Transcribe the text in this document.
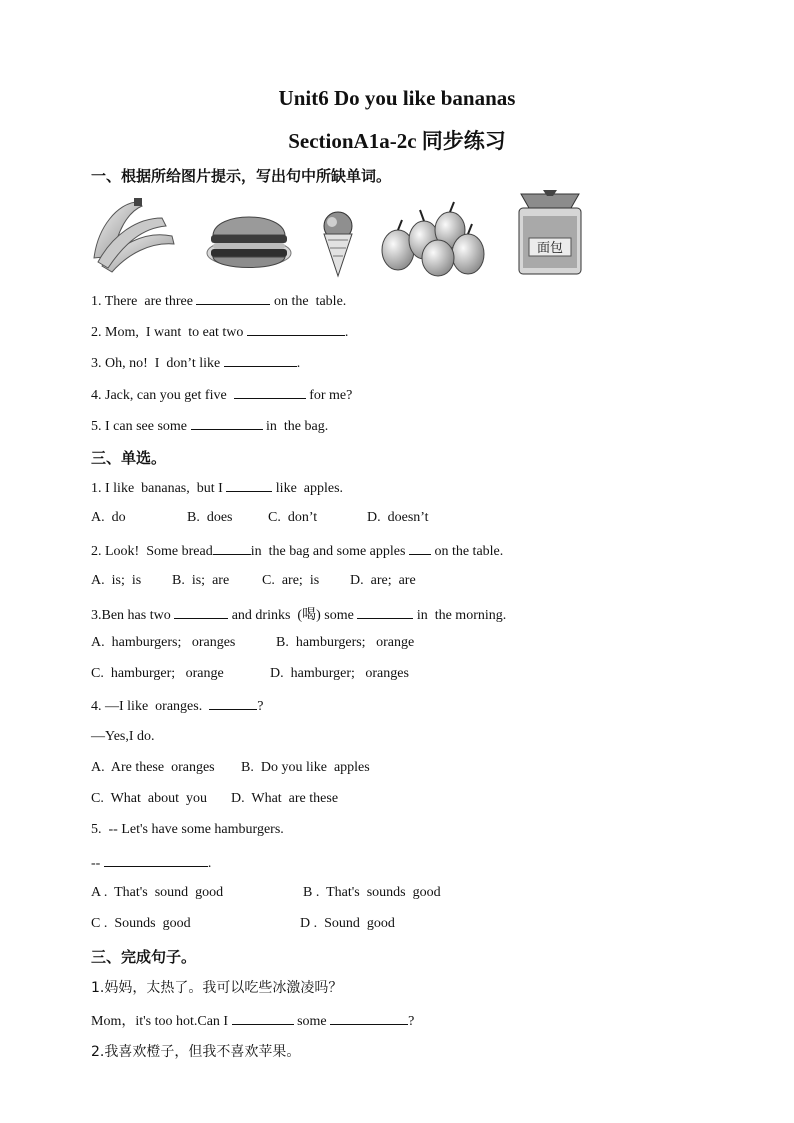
Unit6 Do you like bananas
SectionA1a-2c 同步练习
一、根据所给图片提示，写出句中所缺单词。
面包
1. There  are three	on the  table.
2. Mom,  I want  to eat two	.
3. Oh, no!  I  don’t like	.
4. Jack, can you get five	for me?
5. I can see some	in  the bag.
三、单选。
1. I like  bananas,  but I	like  apples.
A.  do	B.  does	C.  don’t	D.  doesn’t
2. Look!  Some bread	in  the bag and some apples  on the table.
A.  is;  is B.  is;  are C.  are;  is D.  are;  are
3.Ben has two	and drinks  (喝) some	in  the morning.
A.  hamburgers;   oranges	B.  hamburgers;   orange
C.  hamburger;   orange	D.  hamburger;   oranges
4. —I like  oranges.	?
—Yes,I do.
A.  Are these  oranges B.  Do you like  apples
C.  What  about  you D.  What  are these
5.  -- Let's have some hamburgers.
--	.
A .  That's  sound  good	B .  That's  sounds  good
C .  Sounds  good	D .  Sound  good
三、完成句子。
1.妈妈，太热了。我可以吃些冰激凌吗？
Mom，it's too hot.Can I	some	?
2.我喜欢橙子，但我不喜欢苹果。
